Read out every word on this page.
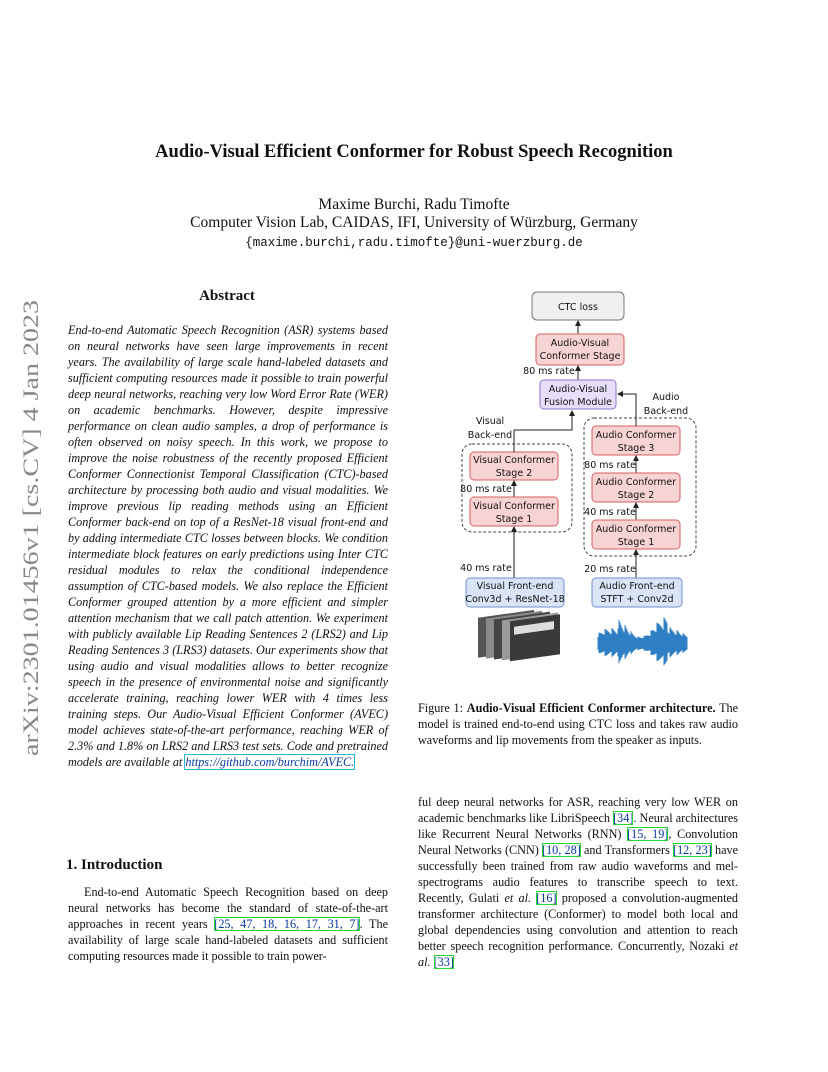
Audio-Visual Efficient Conformer for Robust Speech Recognition
Maxime Burchi, Radu Timofte
Computer Vision Lab, CAIDAS, IFI, University of Würzburg, Germany
{maxime.burchi,radu.timofte}@uni-wuerzburg.de
arXiv:2301.01456v1 [cs.CV] 4 Jan 2023
Abstract
End-to-end Automatic Speech Recognition (ASR) systems based on neural networks have seen large improvements in recent years. The availability of large scale hand-labeled datasets and sufficient computing resources made it possible to train powerful deep neural networks, reaching very low Word Error Rate (WER) on academic benchmarks. However, despite impressive performance on clean audio samples, a drop of performance is often observed on noisy speech. In this work, we propose to improve the noise robustness of the recently proposed Efficient Conformer Connectionist Temporal Classification (CTC)-based architecture by processing both audio and visual modalities. We improve previous lip reading methods using an Efficient Conformer back-end on top of a ResNet-18 visual front-end and by adding intermediate CTC losses between blocks. We condition intermediate block features on early predictions using Inter CTC residual modules to relax the conditional independence assumption of CTC-based models. We also replace the Efficient Conformer grouped attention by a more efficient and simpler attention mechanism that we call patch attention. We experiment with publicly available Lip Reading Sentences 2 (LRS2) and Lip Reading Sentences 3 (LRS3) datasets. Our experiments show that using audio and visual modalities allows to better recognize speech in the presence of environmental noise and significantly accelerate training, reaching lower WER with 4 times less training steps. Our Audio-Visual Efficient Conformer (AVEC) model achieves state-of-the-art performance, reaching WER of 2.3% and 1.8% on LRS2 and LRS3 test sets. Code and pretrained models are available at https://github.com/burchim/AVEC.
1. Introduction

End-to-end Automatic Speech Recognition based on deep neural networks has become the standard of state-of-the-art approaches in recent years [25, 47, 18, 16, 17, 31, 7]. The availability of large scale hand-labeled datasets and sufficient computing resources made it possible to train power-

CTC loss
Audio-Visual
Conformer Stage
80 ms rate
Audio-Visual
Fusion Module
Visual
Back-end
Audio
Back-end
Visual Conformer
Stage 2
80 ms rate
Visual Conformer
Stage 1
40 ms rate
Visual Front-end
Conv3d + ResNet-18
Audio Conformer
Stage 3
80 ms rate
Audio Conformer
Stage 2
40 ms rate
Audio Conformer
Stage 1
20 ms rate
Audio Front-end
STFT + Conv2d
Figure 1: Audio-Visual Efficient Conformer architecture. The model is trained end-to-end using CTC loss and takes raw audio waveforms and lip movements from the speaker as inputs.
ful deep neural networks for ASR, reaching very low WER on academic benchmarks like LibriSpeech [34]. Neural architectures like Recurrent Neural Networks (RNN) [15, 19], Convolution Neural Networks (CNN) [10, 28] and Transformers [12, 23] have successfully been trained from raw audio waveforms and mel-spectrograms audio features to transcribe speech to text. Recently, Gulati et al. [16] proposed a convolution-augmented transformer architecture (Conformer) to model both local and global dependencies using convolution and attention to reach better speech recognition performance. Concurrently, Nozaki et al. [33]
